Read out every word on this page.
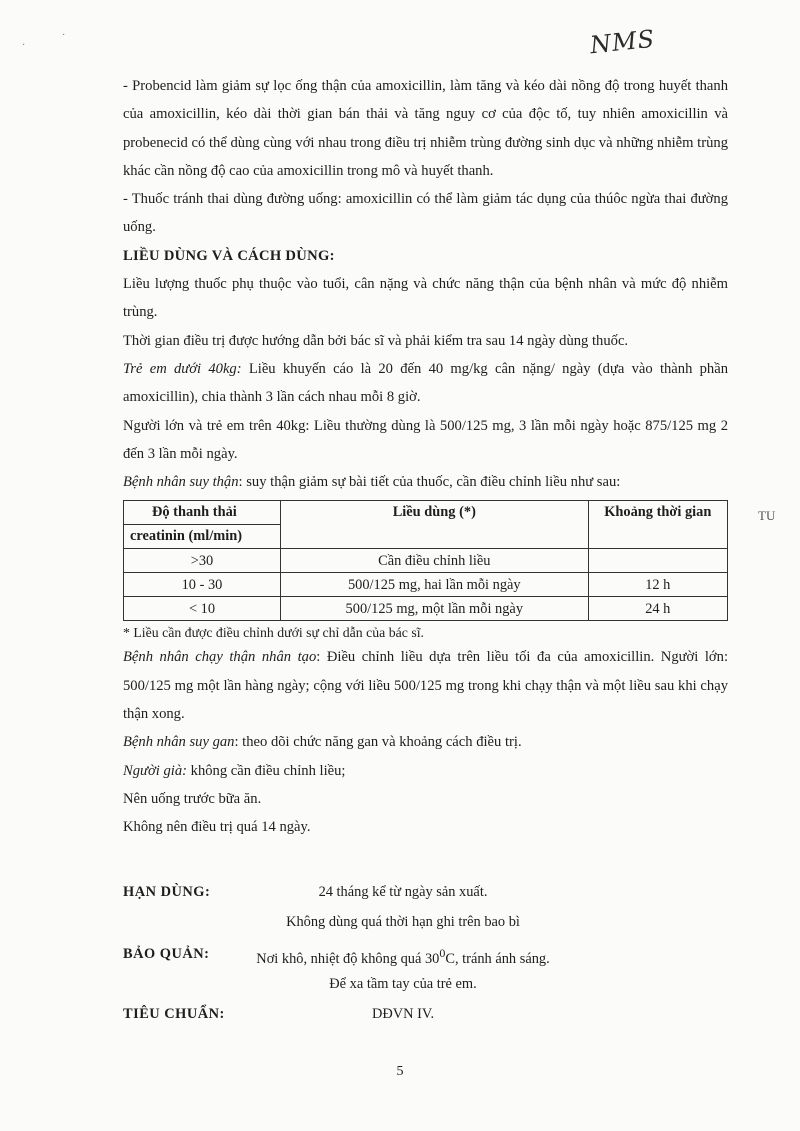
NMS
·
·

- Probencid làm giảm sự lọc ống thận của amoxicillin, làm tăng và kéo dài nồng độ trong huyết thanh của amoxicillin, kéo dài thời gian bán thải và tăng nguy cơ của độc tố, tuy nhiên amoxicillin và probenecid có thể dùng cùng với nhau trong điều trị nhiễm trùng đường sinh dục và những nhiễm trùng khác cần nồng độ cao của amoxicillin trong mô và huyết thanh.

- Thuốc tránh thai dùng đường uống: amoxicillin có thể làm giảm tác dụng của thúôc ngừa thai đường uống.

LIỀU DÙNG VÀ CÁCH DÙNG:

Liều lượng thuốc phụ thuộc vào tuổi, cân nặng và chức năng thận của bệnh nhân và mức độ nhiễm trùng.

Thời gian điều trị được hướng dẫn bởi bác sĩ và phải kiểm tra sau 14 ngày dùng thuốc.

Trẻ em dưới 40kg: Liều khuyến cáo là 20 đến 40 mg/kg cân nặng/ ngày (dựa vào thành phần amoxicillin), chia thành 3 lần cách nhau mỗi 8 giờ.

Người lớn và trẻ em trên 40kg: Liều thường dùng là 500/125 mg, 3 lần mỗi ngày hoặc 875/125 mg 2 đến 3 lần mỗi ngày.

Bệnh nhân suy thận: suy thận giảm sự bài tiết của thuốc, cần điều chỉnh liều như sau:

Độ thanh thải	Liều dùng (*)	Khoảng thời gian
creatinin (ml/min)		
>30	Cần điều chỉnh liều	
10 - 30	500/125 mg, hai lần mỗi ngày	12 h
< 10	500/125 mg, một lần mỗi ngày	24 h

* Liều cần được điều chỉnh dưới sự chỉ dẫn của bác sĩ.

Bệnh nhân chạy thận nhân tạo: Điều chỉnh liều dựa trên liều tối đa của amoxicillin. Người lớn: 500/125 mg một lần hàng ngày; cộng với liều 500/125 mg trong khi chạy thận và một liều sau khi chạy thận xong.

Bệnh nhân suy gan: theo dõi chức năng gan và khoảng cách điều trị.

Người già: không cần điều chỉnh liều;

Nên uống trước bữa ăn.

Không nên điều trị quá 14 ngày.

HẠN DÙNG:	24 tháng kể từ ngày sản xuất.
Không dùng quá thời hạn ghi trên bao bì
BẢO QUẢN:	Nơi khô, nhiệt độ không quá $30^0C$, tránh ánh sáng.
Để xa tầm tay của trẻ em.
TIÊU CHUẨN:	DĐVN IV.
5
TU
